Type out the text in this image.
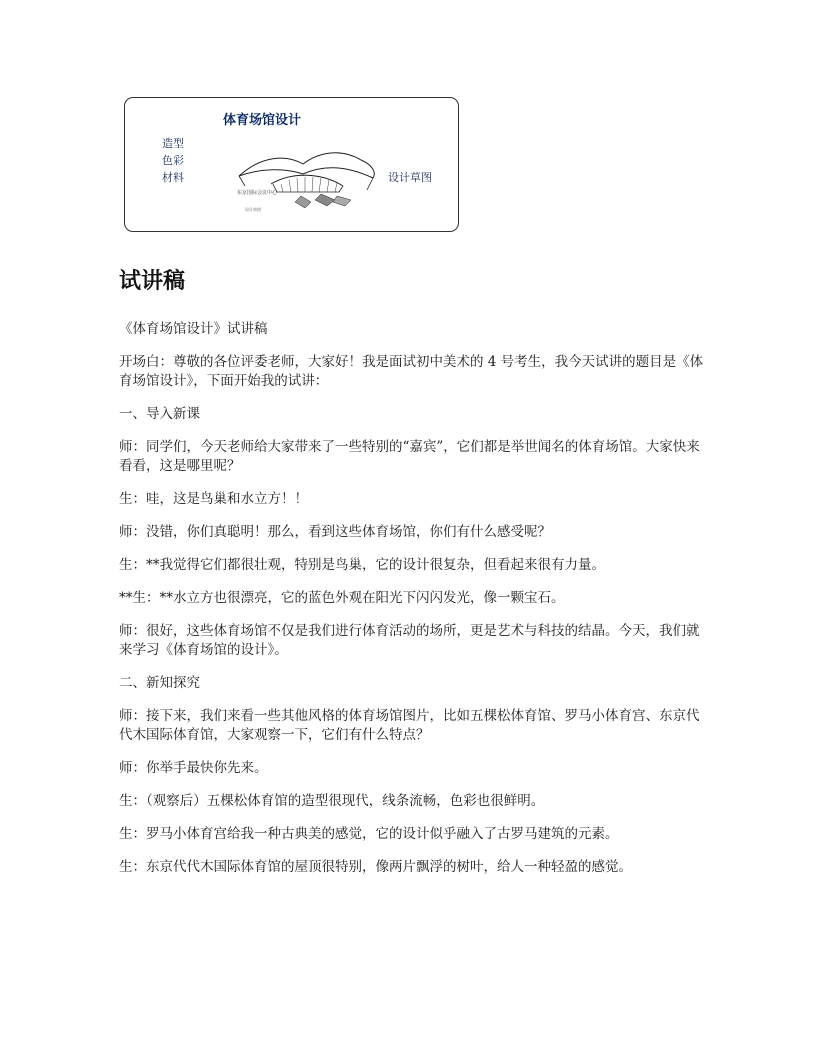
体育场馆设计
造型
色彩
材料
东京国际会议中心
设计草图
设计草图
试讲稿

《体育场馆设计》试讲稿

开场白：尊敬的各位评委老师，大家好！我是面试初中美术的 4 号考生，我今天试讲的题目是《体育场馆设计》，下面开始我的试讲：

一、导入新课

师：同学们，今天老师给大家带来了一些特别的“嘉宾”，它们都是举世闻名的体育场馆。大家快来看看，这是哪里呢？

生：哇，这是鸟巢和水立方！！

师：没错，你们真聪明！那么，看到这些体育场馆，你们有什么感受呢？

生：**我觉得它们都很壮观，特别是鸟巢，它的设计很复杂，但看起来很有力量。

**生：**水立方也很漂亮，它的蓝色外观在阳光下闪闪发光，像一颗宝石。

师：很好，这些体育场馆不仅是我们进行体育活动的场所，更是艺术与科技的结晶。今天，我们就来学习《体育场馆的设计》。

二、新知探究

师：接下来，我们来看一些其他风格的体育场馆图片，比如五棵松体育馆、罗马小体育宫、东京代代木国际体育馆，大家观察一下，它们有什么特点？

师：你举手最快你先来。

生：（观察后）五棵松体育馆的造型很现代，线条流畅，色彩也很鲜明。

生：罗马小体育宫给我一种古典美的感觉，它的设计似乎融入了古罗马建筑的元素。

生：东京代代木国际体育馆的屋顶很特别，像两片飘浮的树叶，给人一种轻盈的感觉。
